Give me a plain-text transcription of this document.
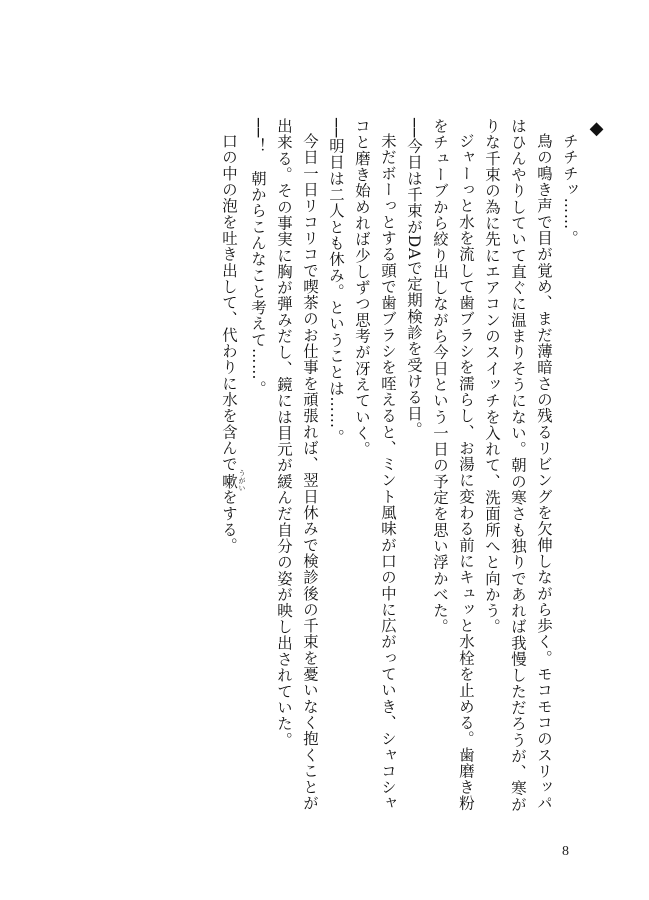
◆
チチチッ……。
鳥の鳴き声で目が覚め、まだ薄暗さの残るリビングを欠伸しながら歩く。モコモコのスリッパ
はひんやりしていて直ぐに温まりそうにない。朝の寒さも独りであれば我慢しただろうが、寒が
りな千束の為に先にエアコンのスイッチを入れて、洗面所へと向かう。
ジャーっと水を流して歯ブラシを濡らし、お湯に変わる前にキュッと水栓を止める。歯磨き粉
をチューブから絞り出しながら今日という一日の予定を思い浮かべた。
──今日は千束がDAで定期検診を受ける日。
未だボーっとする頭で歯ブラシを咥えると、ミント風味が口の中に広がっていき、シャコシャ
コと磨き始めれば少しずつ思考が冴えていく。
──明日は二人とも休み。ということは……。
今日一日リコリコで喫茶のお仕事を頑張れば、翌日休みで検診後の千束を憂いなく抱くことが
出来る。その事実に胸が弾みだし、鏡には目元が緩んだ自分の姿が映し出されていた。
──！　朝からこんなこと考えて……。
口の中の泡を吐き出して、代わりに水を含んで嗽 うがいをする。
8
